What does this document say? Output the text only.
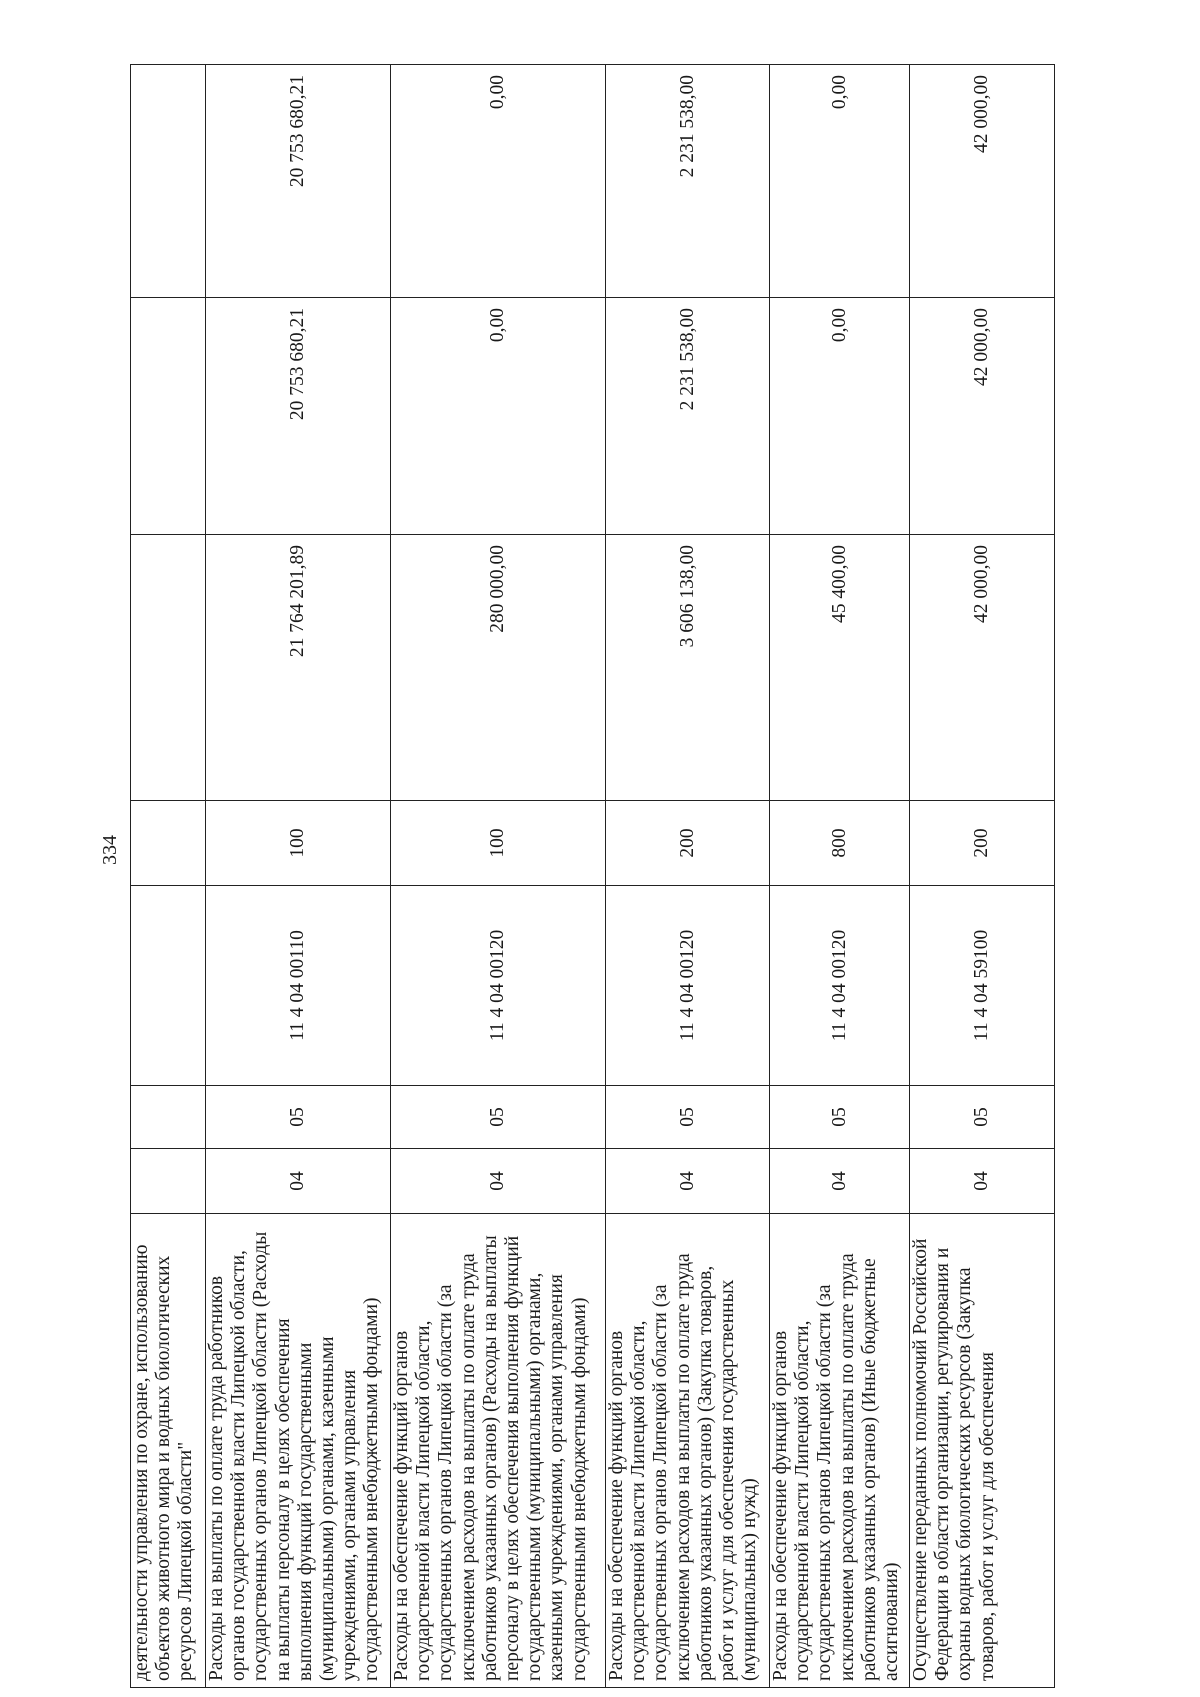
334
деятельности управления по охране, использованию объектов животного мира и водных биологических ресурсов Липецкой области"							
Расходы на выплаты по оплате труда работников органов государственной власти Липецкой области, государственных органов Липецкой области (Расходы на выплаты персоналу в целях обеспечения выполнения функций государственными (муниципальными) органами, казенными учреждениями, органами управления государственными внебюджетными фондами)	04	05	11 4 04 00110	100	21 764 201,89	20 753 680,21	20 753 680,21
Расходы на обеспечение функций органов государственной власти Липецкой области, государственных органов Липецкой области (за исключением расходов на выплаты по оплате труда работников указанных органов) (Расходы на выплаты персоналу в целях обеспечения выполнения функций государственными (муниципальными) органами, казенными учреждениями, органами управления государственными внебюджетными фондами)	04	05	11 4 04 00120	100	280 000,00	0,00	0,00
Расходы на обеспечение функций органов государственной власти Липецкой области, государственных органов Липецкой области (за исключением расходов на выплаты по оплате труда работников указанных органов) (Закупка товаров, работ и услуг для обеспечения государственных (муниципальных) нужд)	04	05	11 4 04 00120	200	3 606 138,00	2 231 538,00	2 231 538,00
Расходы на обеспечение функций органов государственной власти Липецкой области, государственных органов Липецкой области (за исключением расходов на выплаты по оплате труда работников указанных органов) (Иные бюджетные ассигнования)	04	05	11 4 04 00120	800	45 400,00	0,00	0,00
Осуществление переданных полномочий Российской Федерации в области организации, регулирования и охраны водных биологических ресурсов (Закупка товаров, работ и услуг для обеспечения	04	05	11 4 04 59100	200	42 000,00	42 000,00	42 000,00
